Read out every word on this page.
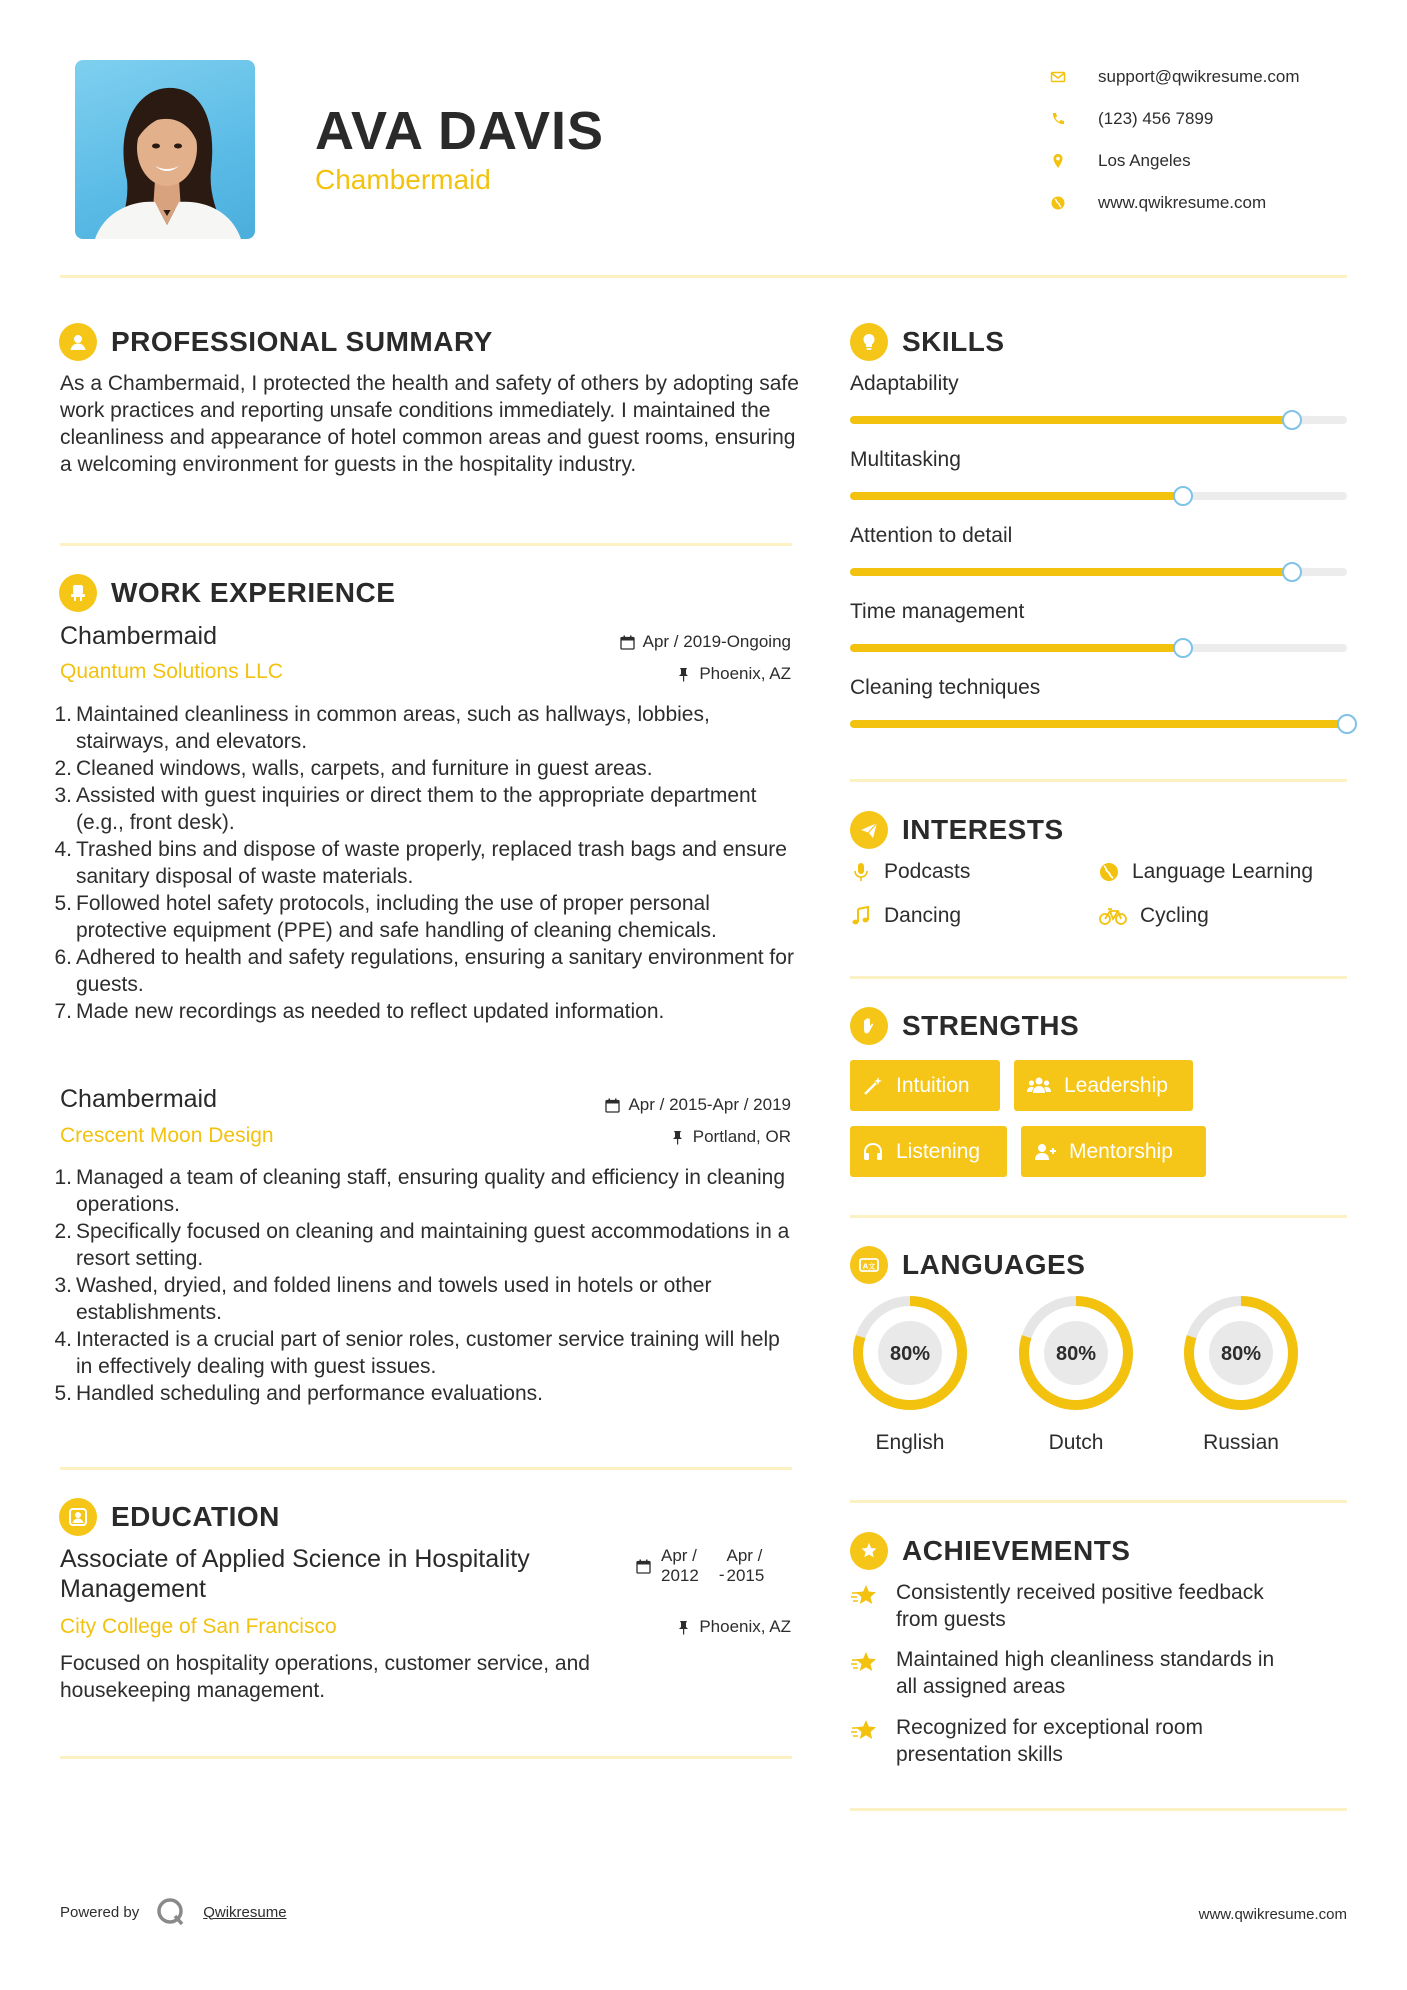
AVA DAVIS
Chambermaid
support@qwikresume.com
(123) 456 7899
Los Angeles
www.qwikresume.com
PROFESSIONAL SUMMARY
As a Chambermaid, I protected the health and safety of others by adopting safe work practices and reporting unsafe conditions immediately. I maintained the cleanliness and appearance of hotel common areas and guest rooms, ensuring a welcoming environment for guests in the hospitality industry.
WORK EXPERIENCE
Chambermaid
Quantum Solutions LLC
Apr / 2019-Ongoing
Phoenix, AZ
1. Maintained cleanliness in common areas, such as hallways, lobbies, stairways, and elevators.
2. Cleaned windows, walls, carpets, and furniture in guest areas.
3. Assisted with guest inquiries or direct them to the appropriate department (e.g., front desk).
4. Trashed bins and dispose of waste properly, replaced trash bags and ensure sanitary disposal of waste materials.
5. Followed hotel safety protocols, including the use of proper personal protective equipment (PPE) and safe handling of cleaning chemicals.
6. Adhered to health and safety regulations, ensuring a sanitary environment for guests.
7. Made new recordings as needed to reflect updated information.
Chambermaid
Crescent Moon Design
Apr / 2015-Apr / 2019
Portland, OR
1. Managed a team of cleaning staff, ensuring quality and efficiency in cleaning operations.
2. Specifically focused on cleaning and maintaining guest accommodations in a resort setting.
3. Washed, dryied, and folded linens and towels used in hotels or other establishments.
4. Interacted is a crucial part of senior roles, customer service training will help in effectively dealing with guest issues.
5. Handled scheduling and performance evaluations.
EDUCATION
Associate of Applied Science in Hospitality
Management
City College of San Francisco
Apr /
2012 -
Apr /
2015
Phoenix, AZ
Focused on hospitality operations, customer service, and housekeeping management.
SKILLS
Adaptability
Multitasking
Attention to detail
Time management
Cleaning techniques
INTERESTS
Podcasts	Language Learning
Dancing	Cycling
STRENGTHS
Intuition	Leadership
Listening	Mentorship
A文 LANGUAGES
80%
English
80%
Dutch
80%
Russian
ACHIEVEMENTS
Consistently received positive feedback
from guests
Maintained high cleanliness standards in
all assigned areas
Recognized for exceptional room
presentation skills
Powered by	Qwikresume	www.qwikresume.com
